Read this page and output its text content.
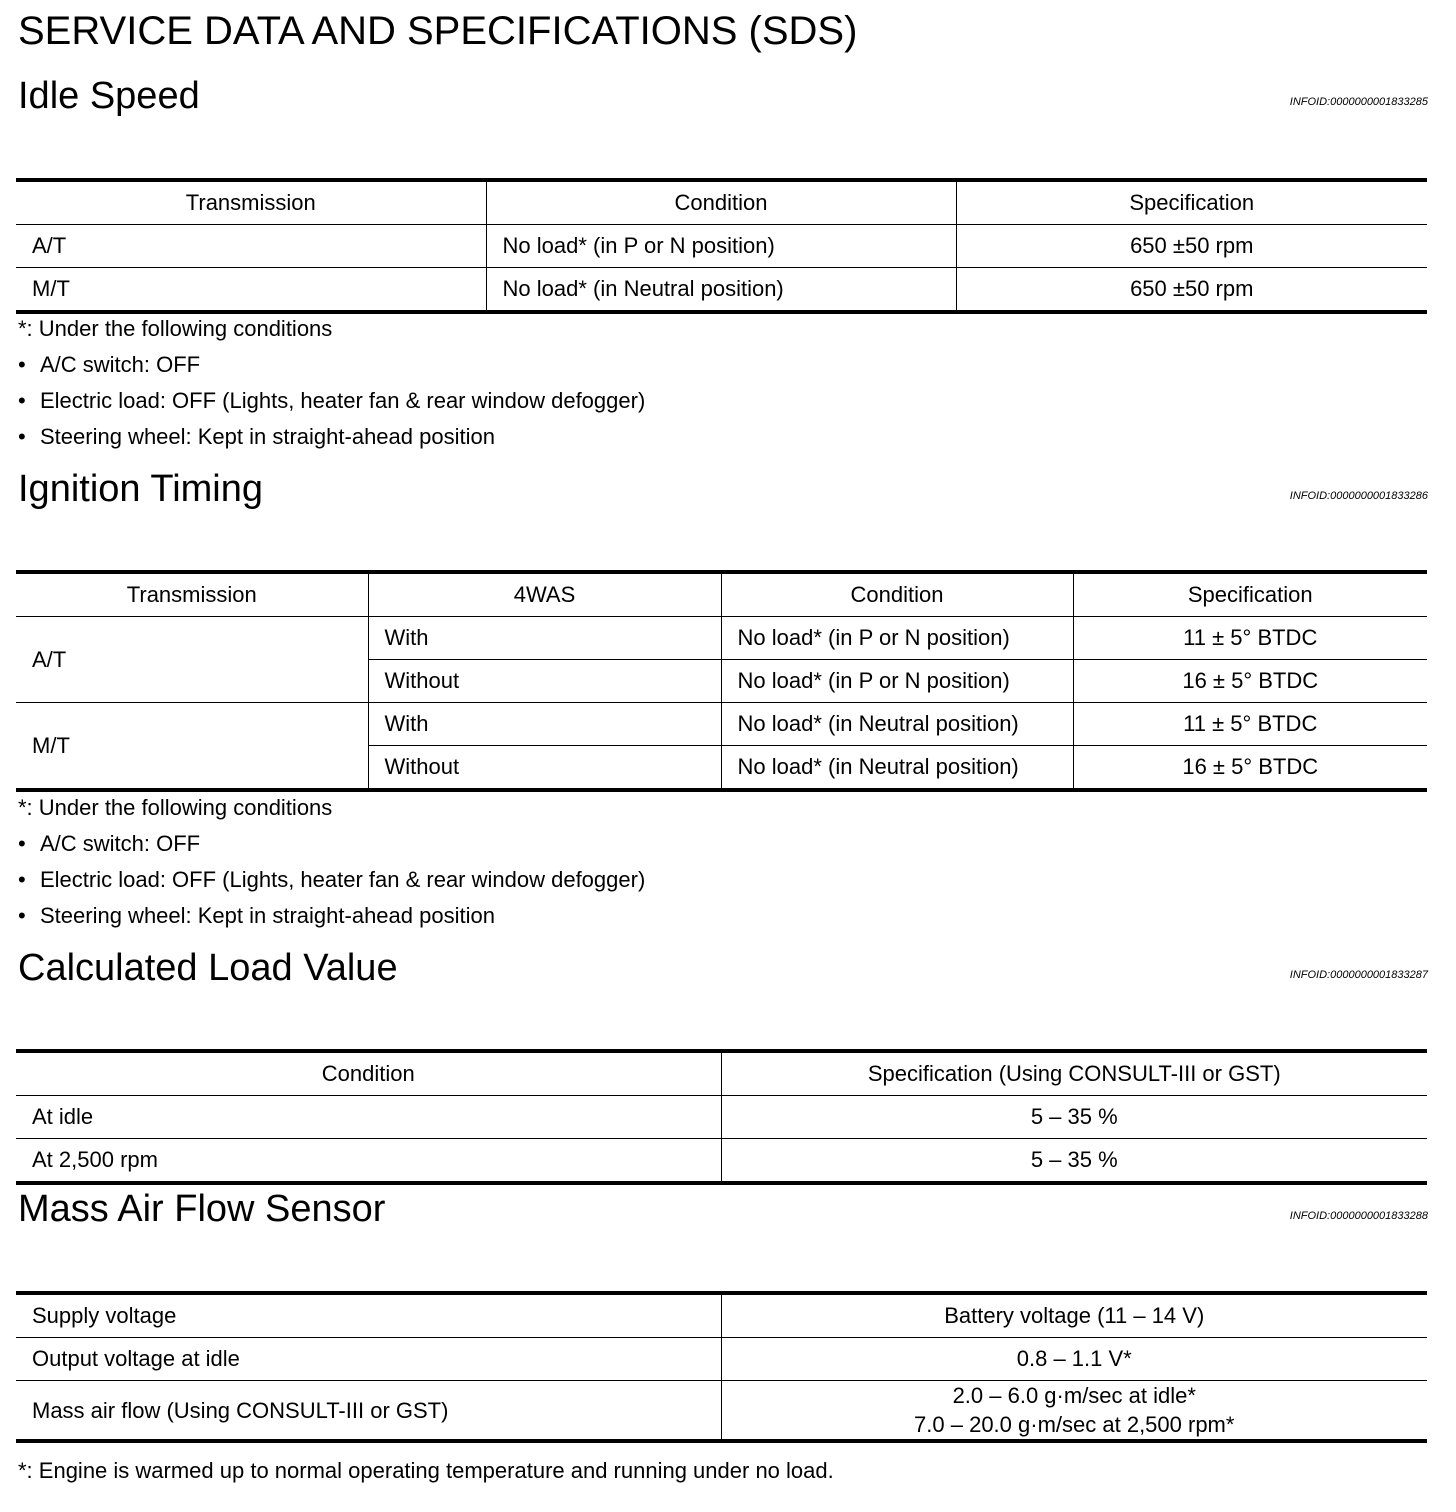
SERVICE DATA AND SPECIFICATIONS (SDS)
Idle Speed	INFOID:0000000001833285
Transmission	Condition	Specification
A/T	No load* (in P or N position)	650 ±50 rpm
M/T	No load* (in Neutral position)	650 ±50 rpm
*: Under the following conditions
• A/C switch: OFF
• Electric load: OFF (Lights, heater fan & rear window defogger)
• Steering wheel: Kept in straight-ahead position
Ignition Timing	INFOID:0000000001833286
Transmission	4WAS	Condition	Specification
A/T	With	No load* (in P or N position)	11 ± 5° BTDC
	Without	No load* (in P or N position)	16 ± 5° BTDC
M/T	With	No load* (in Neutral position)	11 ± 5° BTDC
	Without	No load* (in Neutral position)	16 ± 5° BTDC
*: Under the following conditions
• A/C switch: OFF
• Electric load: OFF (Lights, heater fan & rear window defogger)
• Steering wheel: Kept in straight-ahead position
Calculated Load Value	INFOID:0000000001833287
Condition	Specification (Using CONSULT-III or GST)
At idle	5 – 35 %
At 2,500 rpm	5 – 35 %
Mass Air Flow Sensor	INFOID:0000000001833288
Supply voltage	Battery voltage (11 – 14 V)
Output voltage at idle	0.8 – 1.1 V*
Mass air flow (Using CONSULT-III or GST)	2.0 – 6.0 g·m/sec at idle*
7.0 – 20.0 g·m/sec at 2,500 rpm*
*: Engine is warmed up to normal operating temperature and running under no load.
